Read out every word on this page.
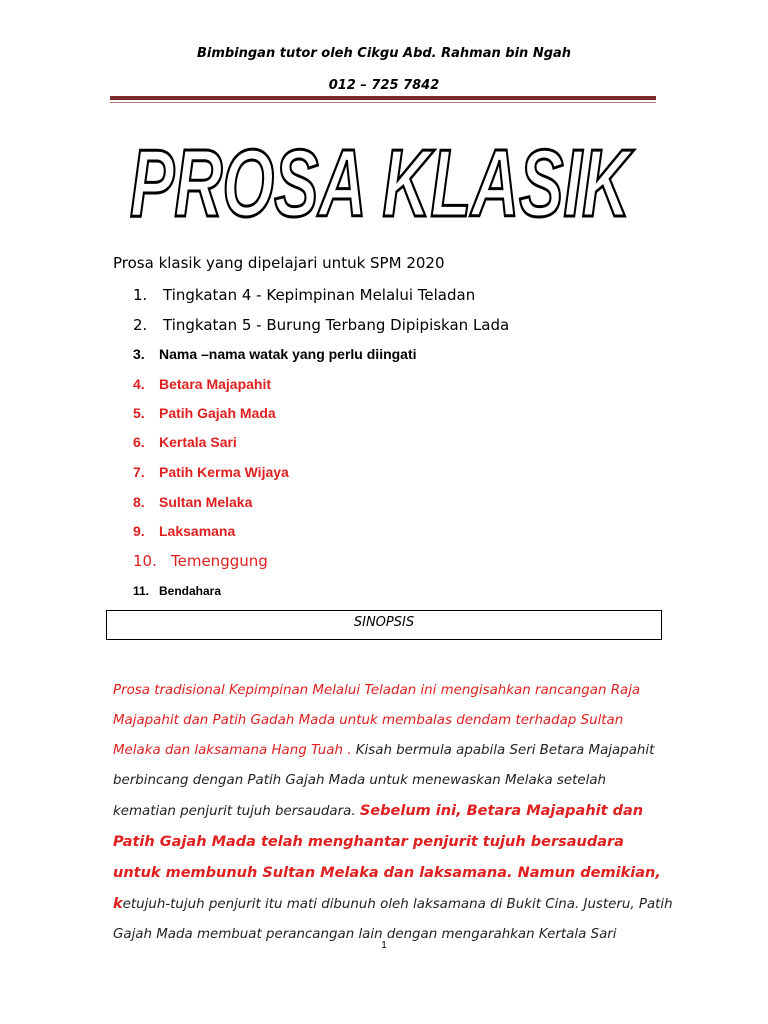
Bimbingan tutor oleh Cikgu Abd. Rahman bin Ngah
012 – 725 7842
PROSA KLASIK
Prosa klasik yang dipelajari untuk SPM 2020
1. Tingkatan 4 - Kepimpinan Melalui Teladan
2. Tingkatan 5 - Burung Terbang Dipipiskan Lada
3. Nama –nama watak yang perlu diingati
4. Betara Majapahit
5. Patih Gajah Mada
6. Kertala Sari
7. Patih Kerma Wijaya
8. Sultan Melaka
9. Laksamana
10. Temenggung
11. Bendahara
SINOPSIS
Prosa tradisional Kepimpinan Melalui Teladan ini mengisahkan rancangan Raja Majapahit dan Patih Gadah Mada untuk membalas dendam terhadap Sultan Melaka dan laksamana Hang Tuah . Kisah bermula apabila Seri Betara Majapahit berbincang dengan Patih Gajah Mada untuk menewaskan Melaka setelah kematian penjurit tujuh bersaudara. Sebelum ini, Betara Majapahit dan Patih Gajah Mada telah menghantar penjurit tujuh bersaudara untuk membunuh Sultan Melaka dan laksamana. Namun demikian, ketujuh-tujuh penjurit itu mati dibunuh oleh laksamana di Bukit Cina. Justeru, Patih Gajah Mada membuat perancangan lain dengan mengarahkan Kertala Sari
1
